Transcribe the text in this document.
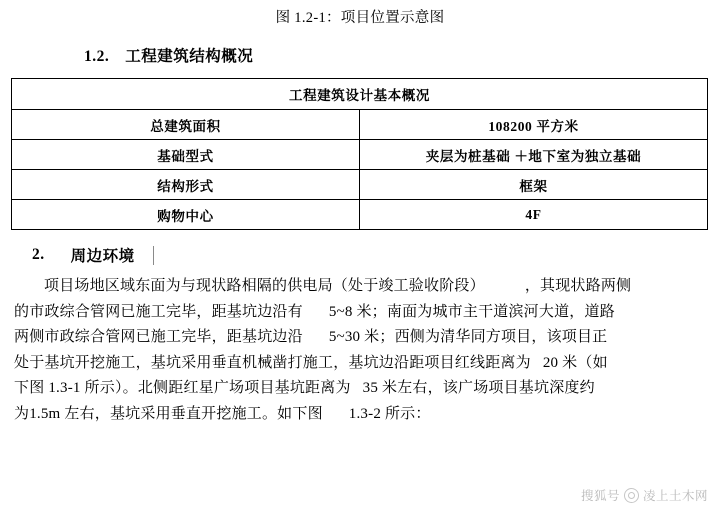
图 1.2-1：项目位置示意图
1.2. 工程建筑结构概况
工程建筑设计基本概况	
总建筑面积	108200 平方米
基础型式	夹层为桩基础 ＋地下室为独立基础
结构形式	框架
购物中心	4F
2. 周边环境
项目场地区域东面为与现状路相隔的供电局（处于竣工验收阶段）	，其现状路两侧
的市政综合管网已施工完毕，距基坑边沿有 5~8 米；南面为城市主干道滨河大道，道路
两侧市政综合管网已施工完毕，距基坑边沿 5~30 米；西侧为清华同方项目，该项目正
处于基坑开挖施工，基坑采用垂直机械凿打施工，基坑边沿距项目红线距离为 20 米（如
下图 1.3-1 所示）。北侧距红星广场项目基坑距离为 35 米左右，该广场项目基坑深度约
为1.5m 左右，基坑采用垂直开挖施工。如下图 1.3-2 所示：
搜狐号 凌上土木网
